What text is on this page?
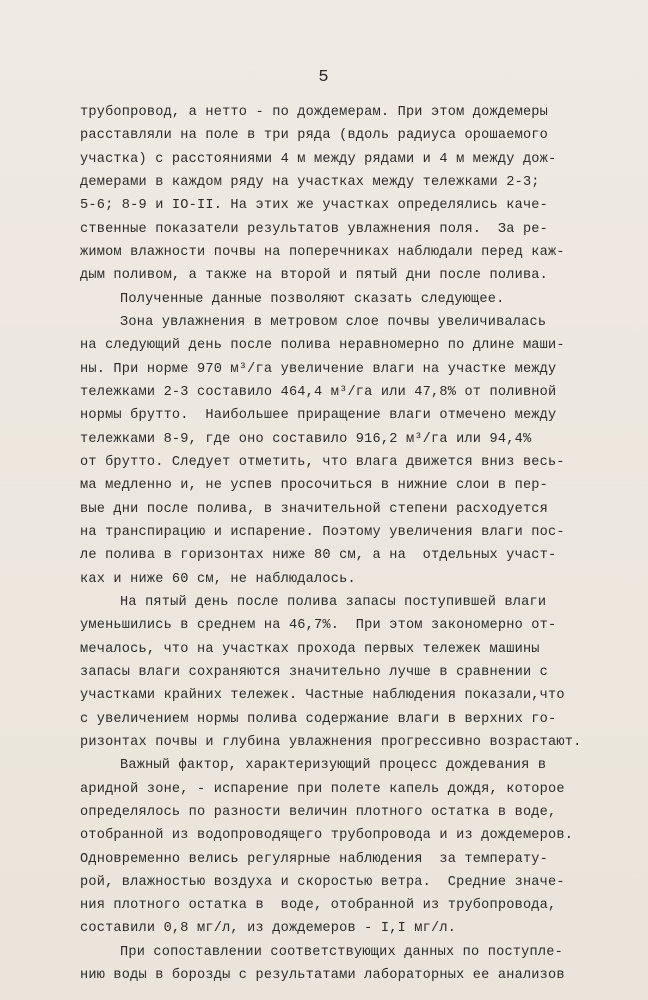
5
трубопровод, а нетто - по дождемерам. При этом дождемеры
расставляли на поле в три ряда (вдоль радиуса орошаемого
участка) с расстояниями 4 м между рядами и 4 м между дож-
демерами в каждом ряду на участках между тележками 2-3;
5-6; 8-9 и IO-II. На этих же участках определялись каче-
ственные показатели результатов увлажнения поля.  За ре-
жимом влажности почвы на поперечниках наблюдали перед каж-
дым поливом, а также на второй и пятый дни после полива.
Полученные данные позволяют сказать следующее.
Зона увлажнения в метровом слое почвы увеличивалась
на следующий день после полива неравномерно по длине маши-
ны. При норме 970 м³/га увеличение влаги на участке между
тележками 2-3 составило 464,4 м³/га или 47,8% от поливной
нормы брутто.  Наибольшее приращение влаги отмечено между
тележками 8-9, где оно составило 916,2 м³/га или 94,4%
от брутто. Следует отметить, что влага движется вниз весь-
ма медленно и, не успев просочиться в нижние слои в пер-
вые дни после полива, в значительной степени расходуется
на транспирацию и испарение. Поэтому увеличения влаги пос-
ле полива в горизонтах ниже 80 см, а на  отдельных участ-
ках и ниже 60 см, не наблюдалось.
На пятый день после полива запасы поступившей влаги
уменьшились в среднем на 46,7%.  При этом закономерно от-
мечалось, что на участках прохода первых тележек машины
запасы влаги сохраняются значительно лучше в сравнении с
участками крайних тележек. Частные наблюдения показали,что
с увеличением нормы полива содержание влаги в верхних го-
ризонтах почвы и глубина увлажнения прогрессивно возрастают.
Важный фактор, характеризующий процесс дождевания в
аридной зоне, - испарение при полете капель дождя, которое
определялось по разности величин плотного остатка в воде,
отобранной из водопроводящего трубопровода и из дождемеров.
Одновременно велись регулярные наблюдения  за температу-
рой, влажностью воздуха и скоростью ветра.  Средние значе-
ния плотного остатка в  воде, отобранной из трубопровода,
составили 0,8 мг/л, из дождемеров - I,I мг/л.
При сопоставлении соответствующих данных по поступле-
нию воды в борозды с результатами лабораторных ее анализов
